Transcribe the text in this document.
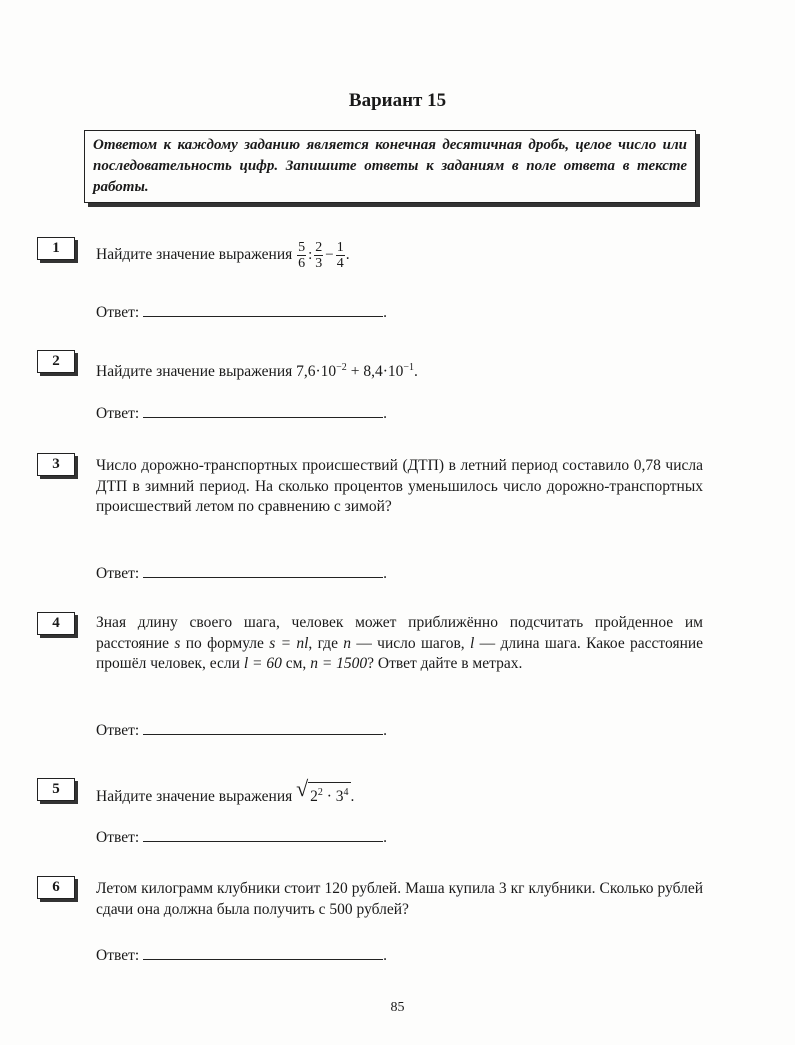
Вариант 15
Ответом к каждому заданию является конечная десятичная дробь, целое число или последовательность цифр. Запишите ответы к заданиям в поле ответа в тексте работы.
1	Найдите значение выражения $\frac{5}{6}$ : $\frac{2}{3} - \frac{1}{4}$ .
Ответ:	.
2
Найдите значение выражения $7,6\cdot 10^{-2} + 8,4\cdot 10^{-1}$.
Ответ:	.
3	Число дорожно-транспортных происшествий (ДТП) в летний период составило 0,78 числа ДТП в зимний период. На сколько процентов уменьшилось число дорожно-транспортных происшествий летом по сравнению с зимой?
Ответ:	.
4	Зная длину своего шага, человек может приближённо подсчитать пройденное им расстояние s по формуле s = nl, где n — число шагов, l — длина шага. Какое расстояние прошёл человек, если l = 60 см, n = 1500? Ответ дайте в метрах.
Ответ:	.
5	Найдите значение выражения √ $2^2 \cdot 3^4$ .
Ответ:	.
6	Летом килограмм клубники стоит 120 рублей. Маша купила 3 кг клубники. Сколько рублей сдачи она должна была получить с 500 рублей?
Ответ:	.
85
